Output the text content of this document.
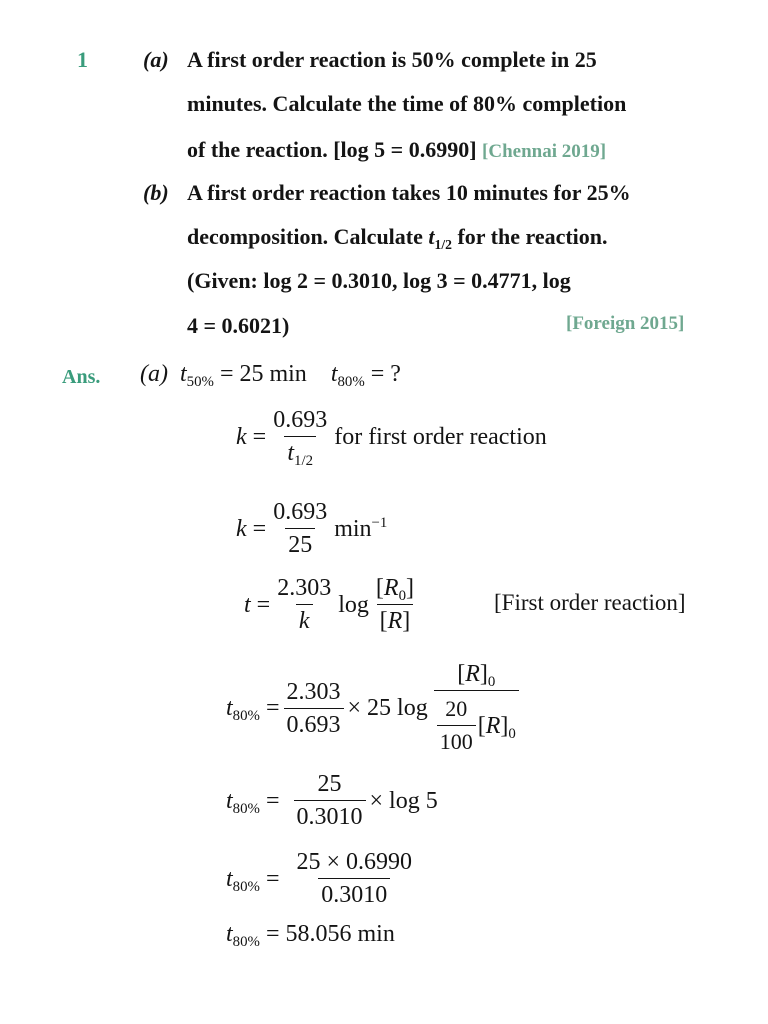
1	(a) A first order reaction is 50% complete in 25
minutes. Calculate the time of 80% completion
of the reaction. [log 5 = 0.6990] [Chennai 2019]
(b) A first order reaction takes 10 minutes for 25%
decomposition. Calculate $t_{1/2}$ for the reaction.
(Given: log 2 = 0.3010, log 3 = 0.4771, log
4 = 0.6021)	[Foreign 2015]
Ans. (a) $t_{50\%} = 25$ $\min t_{80\%}$ = ?
k
= $\frac{0.693}{t_{1/2}}$ for first order reaction
k
= $\frac{0.693}{25} \min^{-1}$
t
= $\frac{2.303}{k}$ $\log \frac{[R_0]}{[R]}$	[First order reaction]
$t_{80\%}$
= $\frac{2.303}{0.693} \times 25$ $\log \frac{[R]_0}{\frac{20}{100} [R]_0}$
$t_{80\%}$
= $\frac{25}{0.3010} \times \log 5$
$t_{80\%}$
= $\frac{25 \times 0.6990}{0.3010}$
$t_{80\%} = 58.056$ min
